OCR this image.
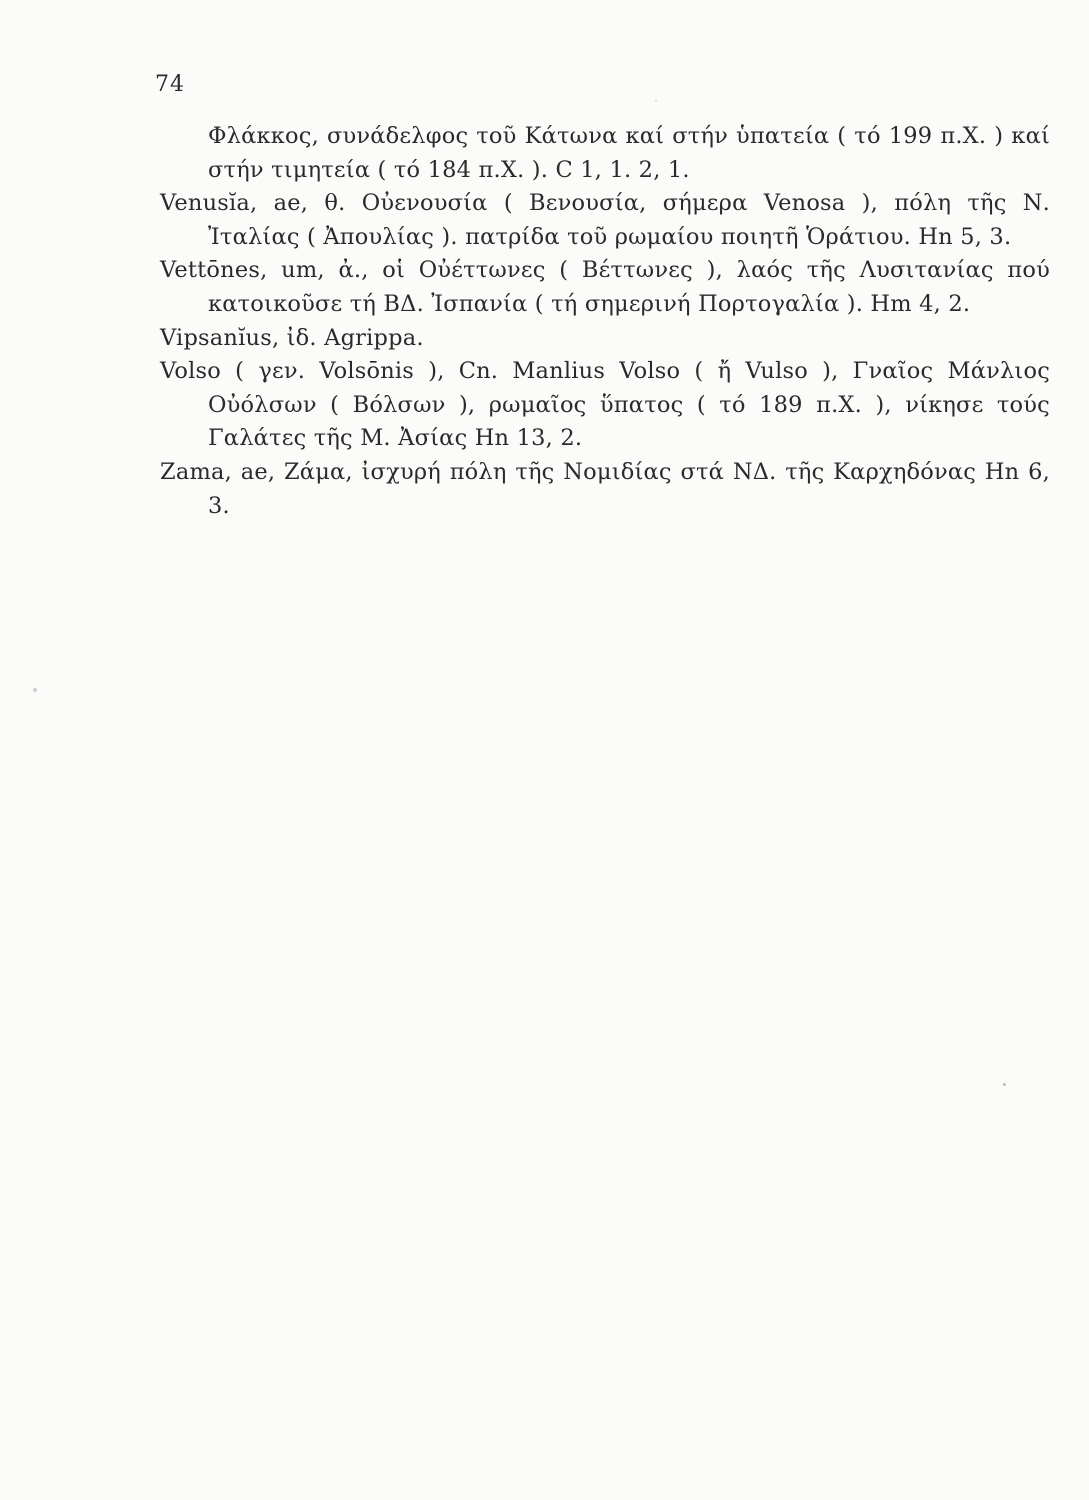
74

Φλάκκος, συνάδελφος τοῦ Κάτωνα καί στήν ὑπατεία ( τό 199 π.Χ. ) καί στήν τιμητεία ( τό 184 π.Χ. ). C 1, 1. 2, 1.

Venusĭa, ae, θ. Οὐενουσία ( Βενουσία, σήμερα Venosa ), πόλη τῆς Ν. Ἰταλίας ( Ἀπουλίας ). πατρίδα τοῦ ρωμαίου ποιητῆ Ὁράτιου. Hn 5, 3.

Vettōnes, um, ἀ., οἱ Οὐέττωνες ( Βέττωνες ), λαός τῆς Λυσιτανίας πού κατοικοῦσε τή ΒΔ. Ἰσπανία ( τή σημερινή Πορτογαλία ). Hm 4, 2.

Vipsanĭus, ἰδ. Agrippa.

Volso ( γεν. Volsōnis ), Cn. Manlius Volso ( ἤ Vulso ), Γναῖος Μάνλιος Οὐόλσων ( Βόλσων ), ρωμαῖος ὕπατος ( τό 189 π.Χ. ), νίκησε τούς Γαλάτες τῆς Μ. Ἀσίας Hn 13, 2.

Zama, ae, Ζάμα, ἰσχυρή πόλη τῆς Νομιδίας στά ΝΔ. τῆς Καρχηδόνας Hn 6, 3.
